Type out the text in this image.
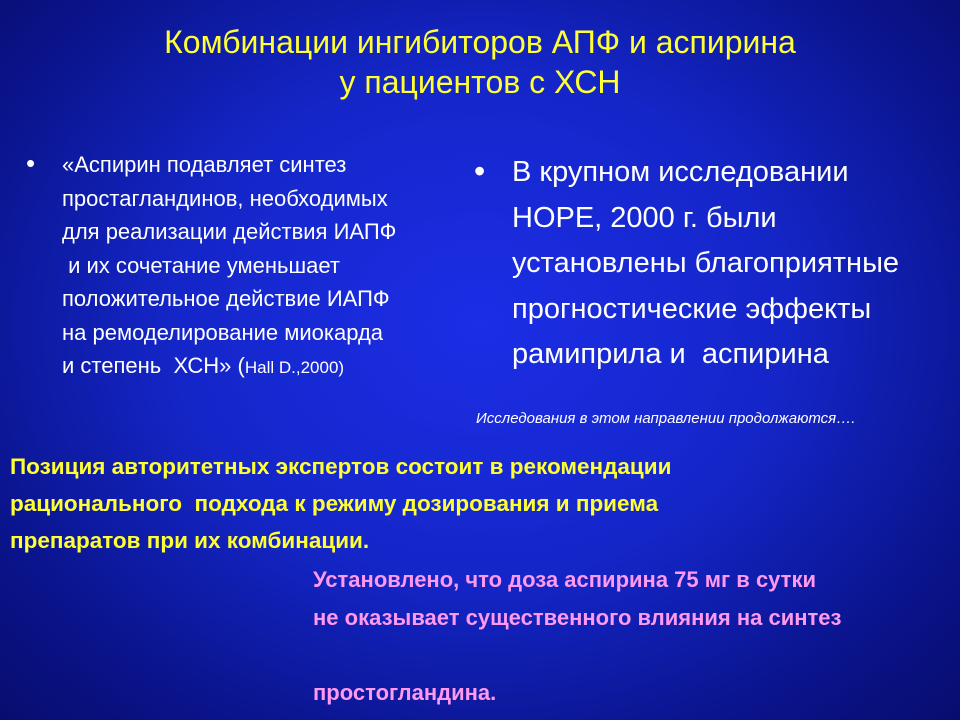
Комбинации ингибиторов АПФ и аспирина
у пациентов с ХСН
• «Аспирин подавляет синтез
простагландинов, необходимых
для реализации действия ИАПФ
и их сочетание уменьшает
положительное действие ИАПФ
на ремоделирование миокарда
и степень  ХСН» (Hall D.,2000)
• В крупном исследовании
HOPE, 2000 г. были
установлены благоприятные
прогностические эффекты
рамиприла и  аспирина
Исследования в этом направлении продолжаются….
Позиция авторитетных экспертов состоит в рекомендации
рационального  подхода к режиму дозирования и приема
препаратов при их комбинации.
Установлено, что доза аспирина 75 мг в сутки
не оказывает существенного влияния на синтез
простогландина.
